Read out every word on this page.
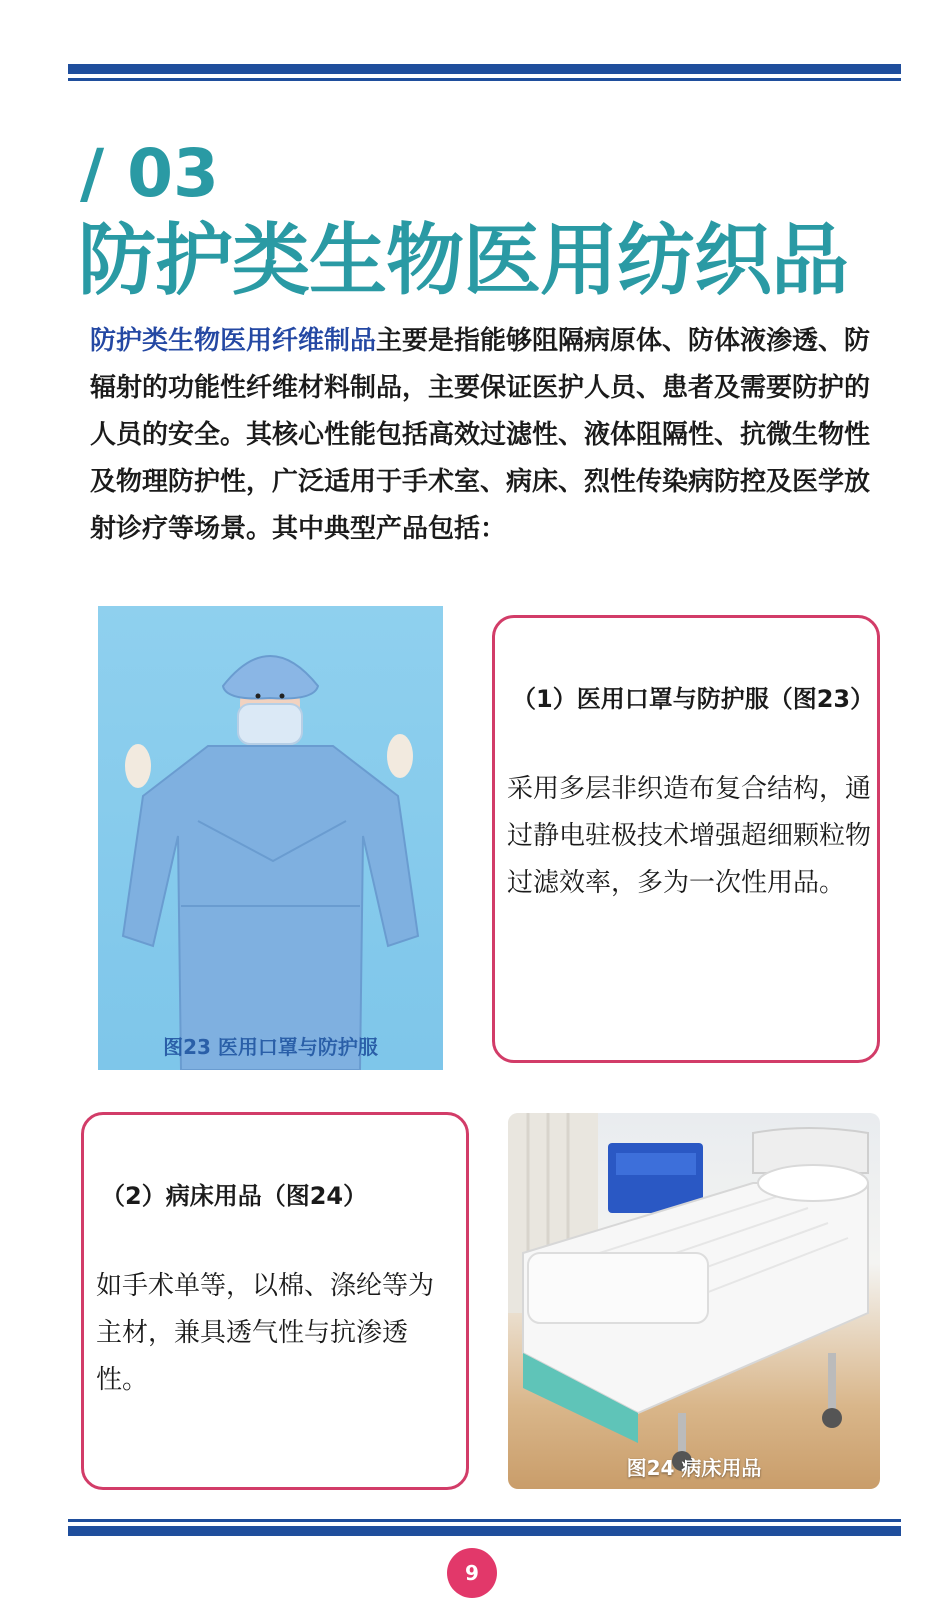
/ 03
防护类生物医用纺织品
防护类生物医用纤维制品主要是指能够阻隔病原体、防体液渗透、防辐射的功能性纤维材料制品，主要保证医护人员、患者及需要防护的人员的安全。其核心性能包括高效过滤性、液体阻隔性、抗微生物性及物理防护性，广泛适用于手术室、病床、烈性传染病防控及医学放射诊疗等场景。其中典型产品包括：
图23 医用口罩与防护服
（1）医用口罩与防护服（图23）
采用多层非织造布复合结构，通过静电驻极技术增强超细颗粒物过滤效率，多为一次性用品。
（2）病床用品（图24）
如手术单等，以棉、涤纶等为主材，兼具透气性与抗渗透性。
图24 病床用品
9
